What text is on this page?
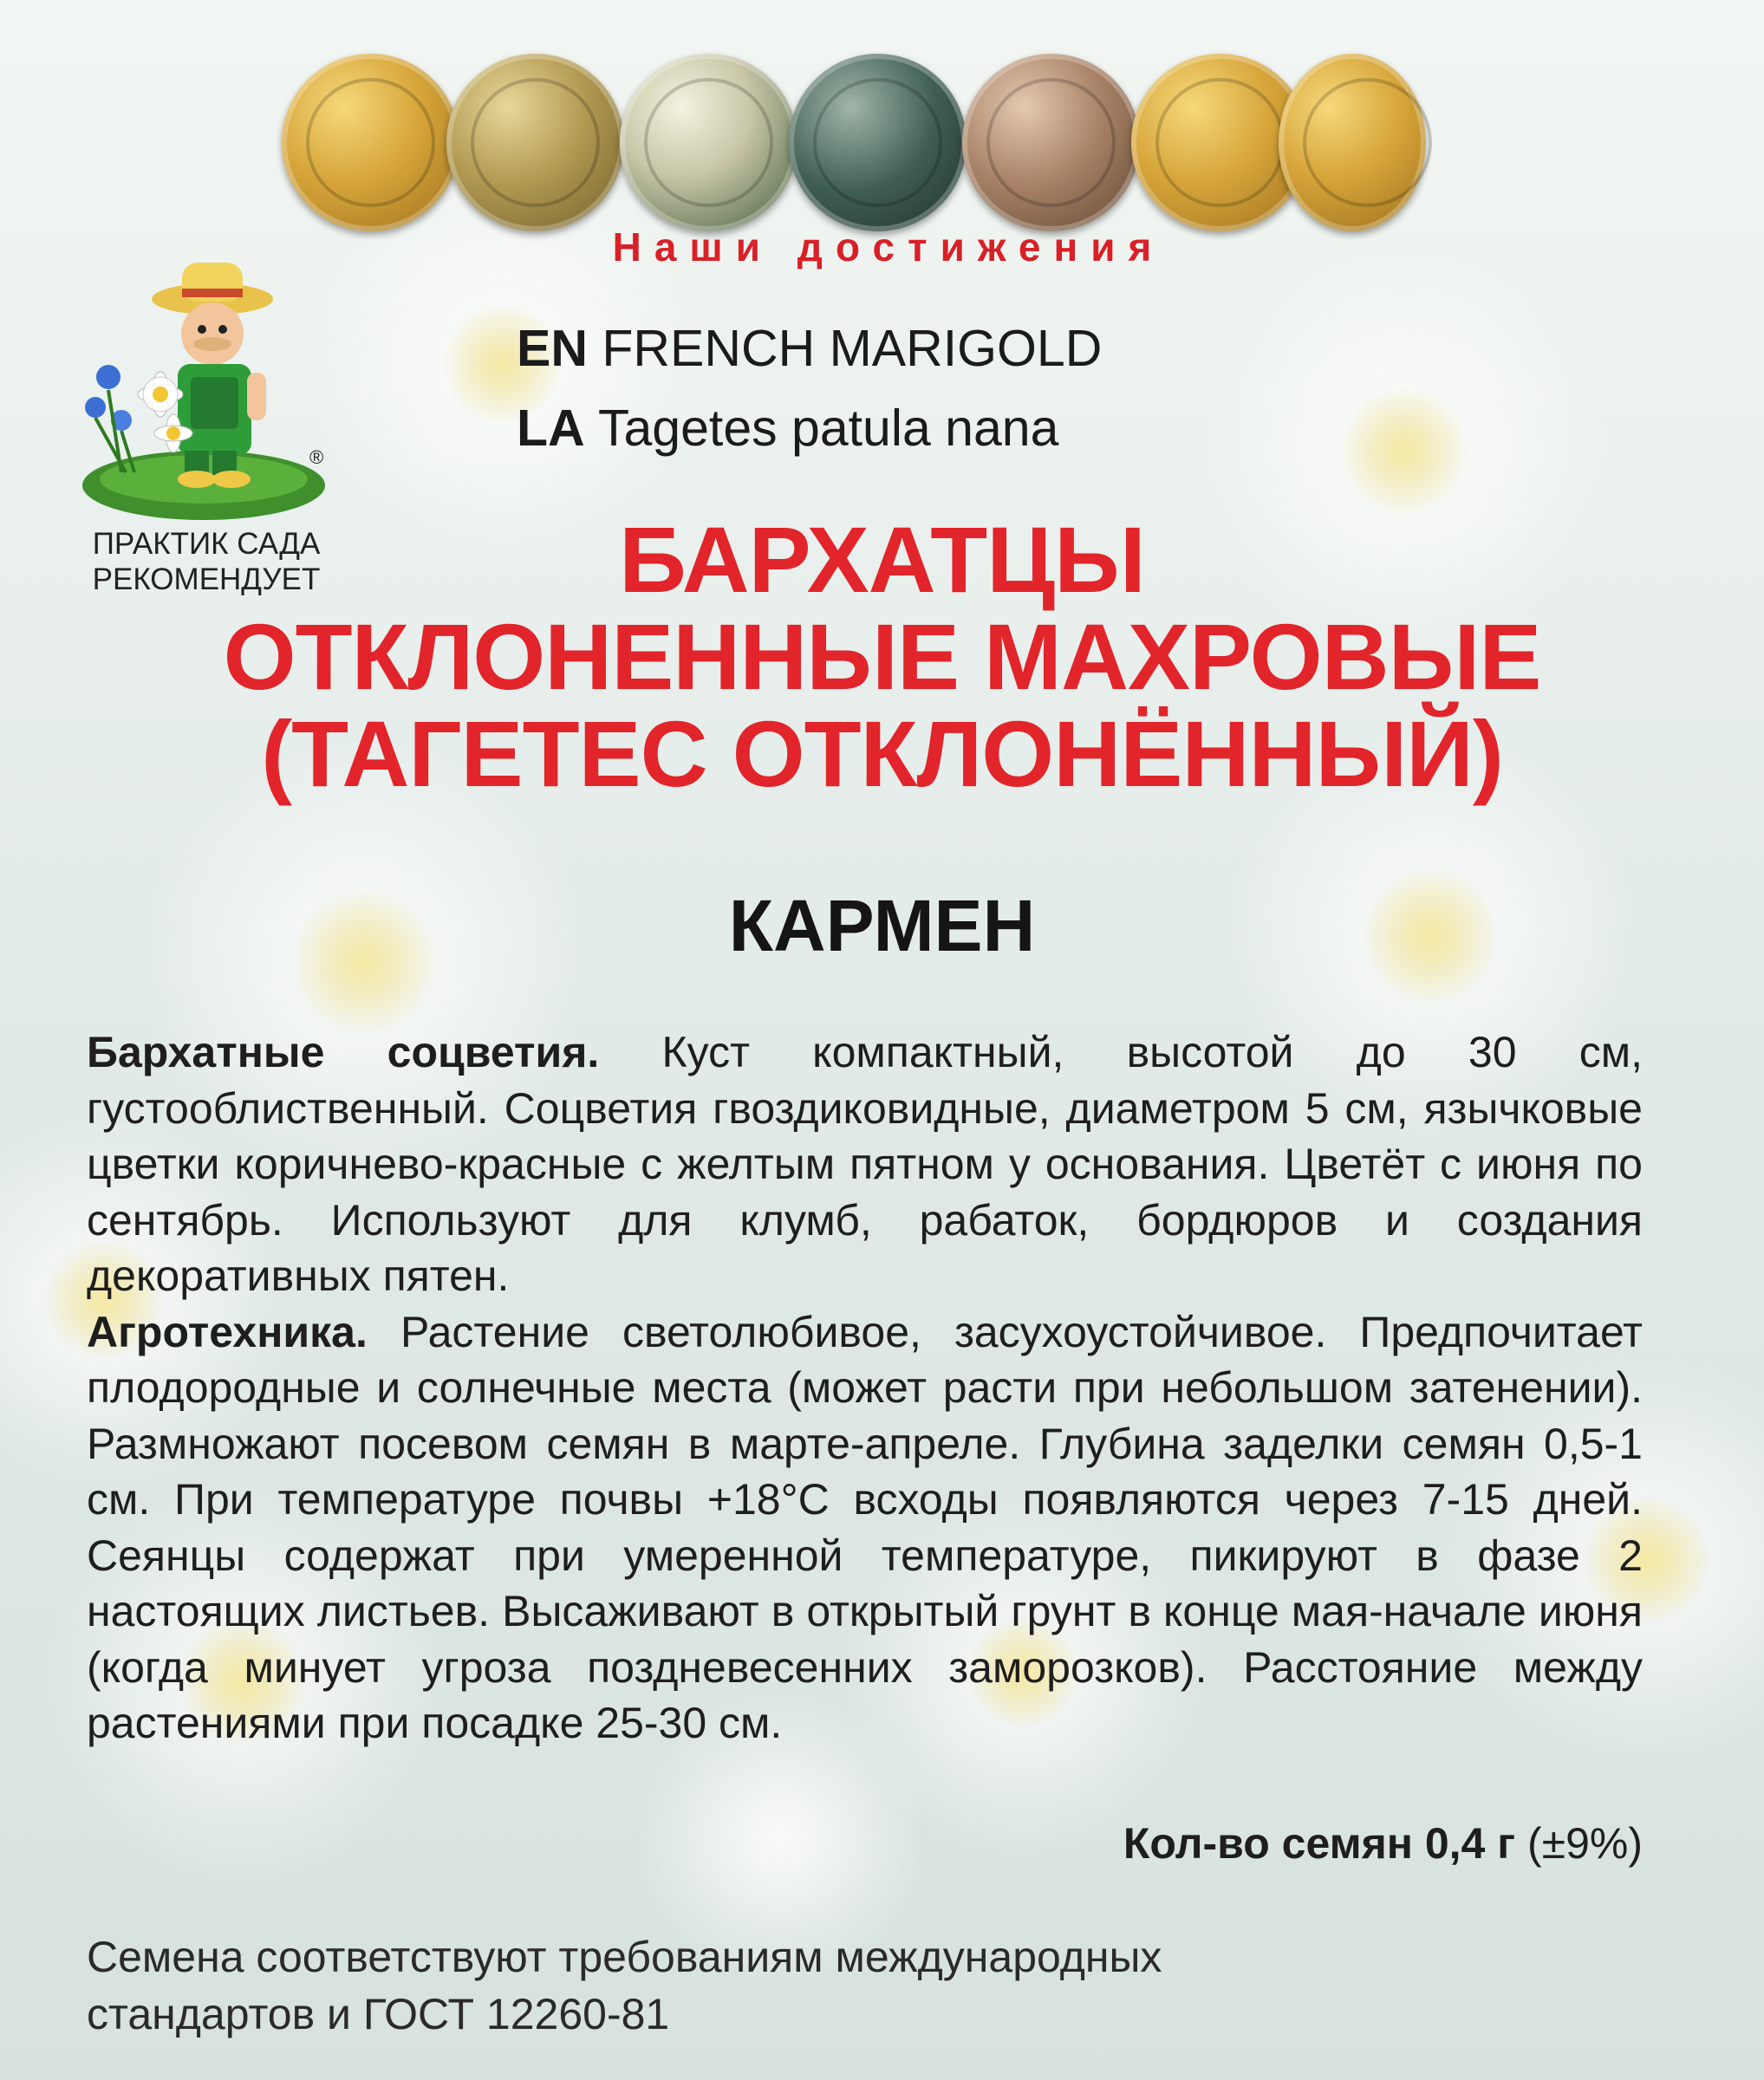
Наши достижения
®
ПРАКТИК САДА
РЕКОМЕНДУЕТ
EN FRENCH MARIGOLD
LA Tagetes patula nana
БАРХАТЦЫ
ОТКЛОНЕННЫЕ МАХРОВЫЕ
(ТАГЕТЕС ОТКЛОНЁННЫЙ)
КАРМЕН

Бархатные соцветия. Куст компактный, высотой до 30 см, густооблиственный. Соцветия гвоздиковидные, диаметром 5 см, язычковые цветки коричнево-красные с желтым пятном у основания. Цветёт с июня по сентябрь. Используют для клумб, рабаток, бордюров и создания декоративных пятен.

Агротехника. Растение светолюбивое, засухоустойчивое. Предпочитает плодородные и солнечные места (может расти при небольшом затенении). Размножают посевом семян в марте-апреле. Глубина заделки семян 0,5-1 см. При температуре почвы +18°С всходы появляются через 7-15 дней. Сеянцы содержат при умеренной температуре, пикируют в фазе 2 настоящих листьев. Высаживают в открытый грунт в конце мая-начале июня (когда минует угроза поздневесенних заморозков). Расстояние между растениями при посадке 25-30 см.

Кол-во семян 0,4 г (±9%)
Семена соответствуют требованиям международных
стандартов и ГОСТ 12260-81
